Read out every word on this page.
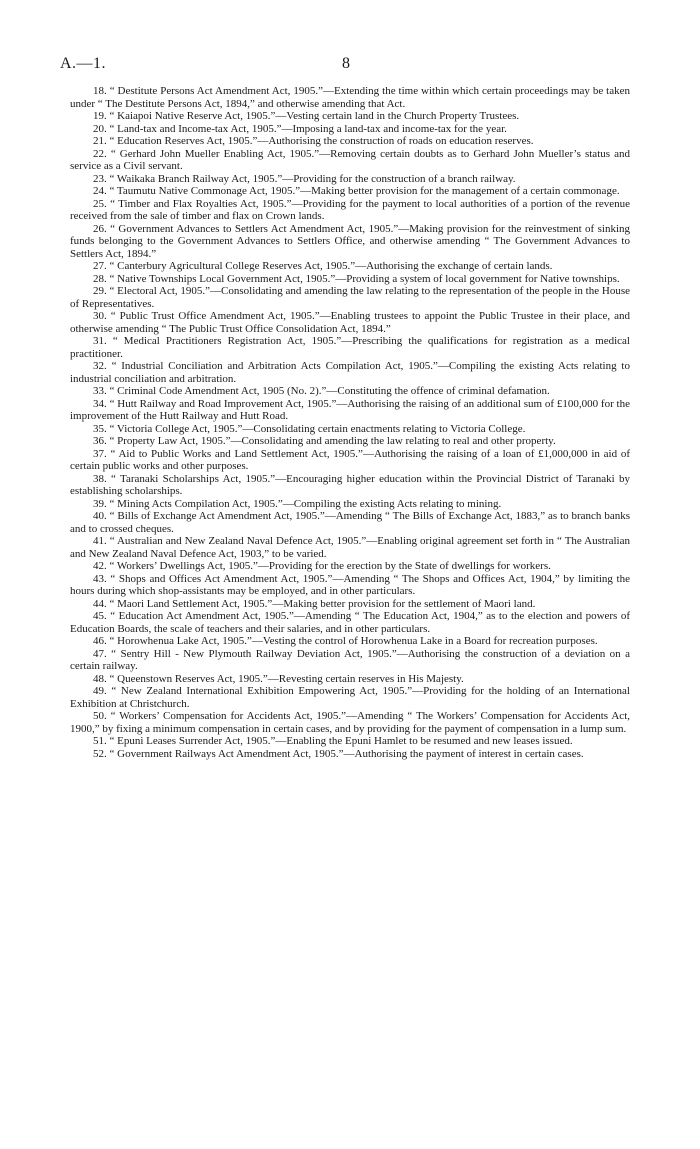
A.—1.	8

18. “ Destitute Persons Act Amendment Act, 1905.”—Extending the time within which certain proceedings may be taken under “ The Destitute Persons Act, 1894,” and otherwise amending that Act.

19. “ Kaiapoi Native Reserve Act, 1905.”—Vesting certain land in the Church Property Trustees.

20. “ Land-tax and Income-tax Act, 1905.”—Imposing a land-tax and income-tax for the year.

21. “ Education Reserves Act, 1905.”—Authorising the construction of roads on education reserves.

22. “ Gerhard John Mueller Enabling Act, 1905.”—Removing certain doubts as to Gerhard John Mueller’s status and service as a Civil servant.

23. “ Waikaka Branch Railway Act, 1905.”—Providing for the construction of a branch railway.

24. “ Taumutu Native Commonage Act, 1905.”—Making better provision for the management of a certain commonage.

25. “ Timber and Flax Royalties Act, 1905.”—Providing for the payment to local authorities of a portion of the revenue received from the sale of timber and flax on Crown lands.

26. “ Government Advances to Settlers Act Amendment Act, 1905.”—Making provision for the reinvestment of sinking funds belonging to the Government Advances to Settlers Office, and otherwise amending “ The Government Advances to Settlers Act, 1894.”

27. “ Canterbury Agricultural College Reserves Act, 1905.”—Authorising the exchange of certain lands.

28. “ Native Townships Local Government Act, 1905.”—Providing a system of local government for Native townships.

29. “ Electoral Act, 1905.”—Consolidating and amending the law relating to the representation of the people in the House of Representatives.

30. “ Public Trust Office Amendment Act, 1905.”—Enabling trustees to appoint the Public Trustee in their place, and otherwise amending “ The Public Trust Office Consolidation Act, 1894.”

31. “ Medical Practitioners Registration Act, 1905.”—Prescribing the qualifications for registration as a medical practitioner.

32. “ Industrial Conciliation and Arbitration Acts Compilation Act, 1905.”—Compiling the existing Acts relating to industrial conciliation and arbitration.

33. “ Criminal Code Amendment Act, 1905 (No. 2).”—Constituting the offence of criminal defamation.

34. “ Hutt Railway and Road Improvement Act, 1905.”—Authorising the raising of an additional sum of £100,000 for the improvement of the Hutt Railway and Hutt Road.

35. “ Victoria College Act, 1905.”—Consolidating certain enactments relating to Victoria College.

36. “ Property Law Act, 1905.”—Consolidating and amending the law relating to real and other property.

37. “ Aid to Public Works and Land Settlement Act, 1905.”—Authorising the raising of a loan of £1,000,000 in aid of certain public works and other purposes.

38. “ Taranaki Scholarships Act, 1905.”—Encouraging higher education within the Provincial District of Taranaki by establishing scholarships.

39. “ Mining Acts Compilation Act, 1905.”—Compiling the existing Acts relating to mining.

40. “ Bills of Exchange Act Amendment Act, 1905.”—Amending “ The Bills of Exchange Act, 1883,” as to branch banks and to crossed cheques.

41. “ Australian and New Zealand Naval Defence Act, 1905.”—Enabling original agreement set forth in “ The Australian and New Zealand Naval Defence Act, 1903,” to be varied.

42. “ Workers’ Dwellings Act, 1905.”—Providing for the erection by the State of dwellings for workers.

43. “ Shops and Offices Act Amendment Act, 1905.”—Amending “ The Shops and Offices Act, 1904,” by limiting the hours during which shop-assistants may be employed, and in other particulars.

44. “ Maori Land Settlement Act, 1905.”—Making better provision for the settlement of Maori land.

45. “ Education Act Amendment Act, 1905.”—Amending “ The Education Act, 1904,” as to the election and powers of Education Boards, the scale of teachers and their salaries, and in other particulars.

46. “ Horowhenua Lake Act, 1905.”—Vesting the control of Horowhenua Lake in a Board for recreation purposes.

47. “ Sentry Hill - New Plymouth Railway Deviation Act, 1905.”—Authorising the construction of a deviation on a certain railway.

48. “ Queenstown Reserves Act, 1905.”—Revesting certain reserves in His Majesty.

49. “ New Zealand International Exhibition Empowering Act, 1905.”—Providing for the holding of an International Exhibition at Christchurch.

50. “ Workers’ Compensation for Accidents Act, 1905.”—Amending “ The Workers’ Compensation for Accidents Act, 1900,” by fixing a minimum compensation in certain cases, and by providing for the payment of compensation in a lump sum.

51. “ Epuni Leases Surrender Act, 1905.”—Enabling the Epuni Hamlet to be resumed and new leases issued.

52. “ Government Railways Act Amendment Act, 1905.”—Authorising the payment of interest in certain cases.
